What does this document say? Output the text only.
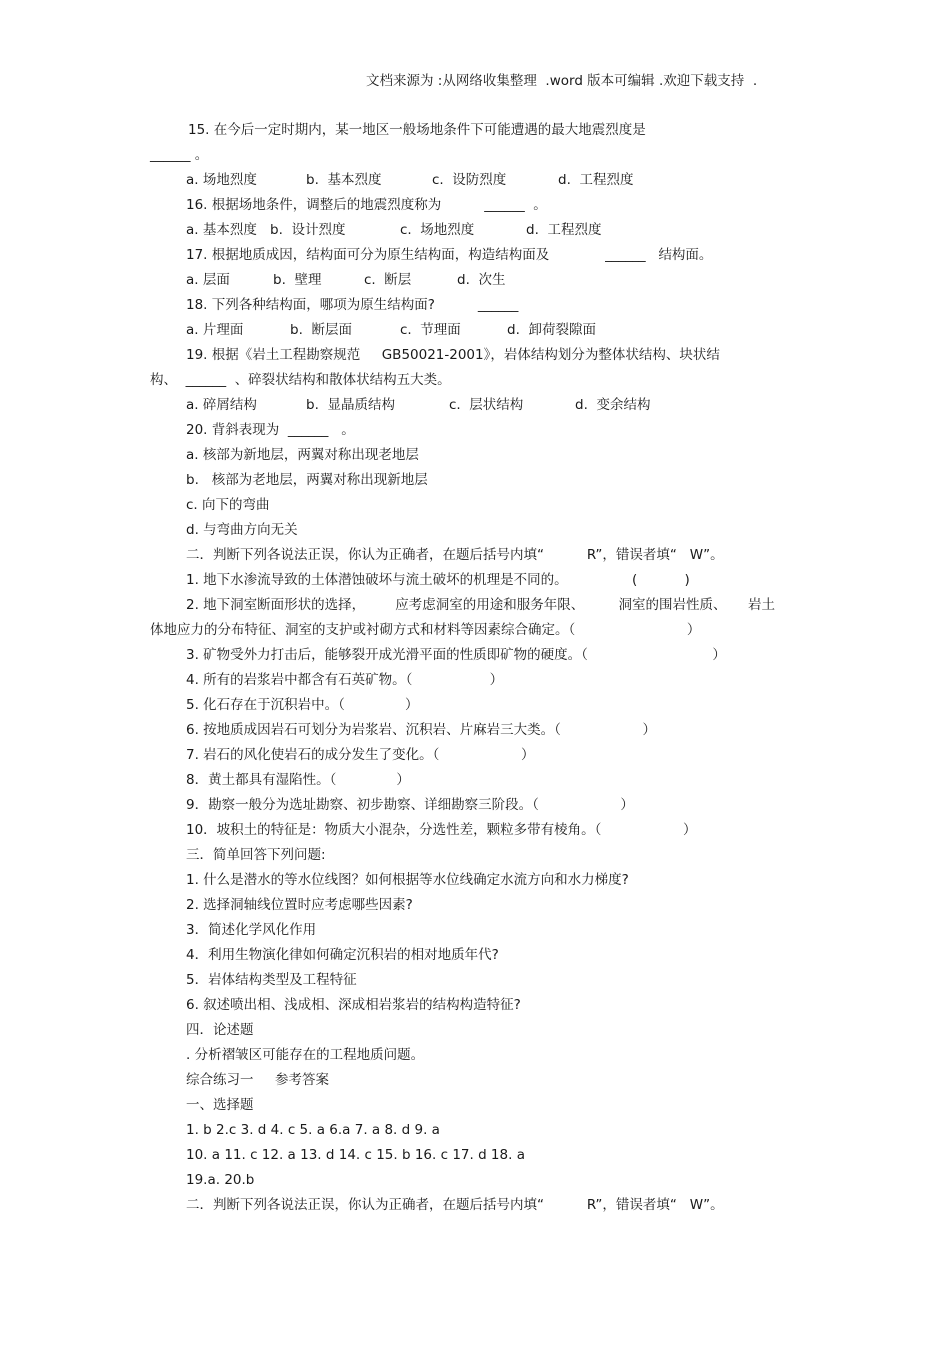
文档来源为 :从网络收集整理  .word 版本可编辑 .欢迎下载支持  .
15. 在今后一定时期内，某一地区一般场地条件下可能遭遇的最大地震烈度是
______ 。
a. 场地烈度	b.  基本烈度	c.  设防烈度	d.  工程烈度
16. 根据场地条件，调整后的地震烈度称为	______ 。
a. 基本烈度 b.  设计烈度	c.  场地烈度	d.  工程烈度
17. 根据地质成因，结构面可分为原生结构面，构造结构面及	______ 结构面。
a. 层面	b.  壁理	c.  断层	d.  次生
18. 下列各种结构面，哪项为原生结构面?	______
a. 片理面	b.  断层面	c.  节理面	d.  卸荷裂隙面
19. 根据《岩土工程勘察规范     GB50021-2001》，岩体结构划分为整体状结构、块状结
构、 ______ 、碎裂状结构和散体状结构五大类。
a. 碎屑结构	b.  显晶质结构	c.  层状结构	d.  变余结构
20. 背斜表现为 ______ 。
a. 核部为新地层，两翼对称出现老地层
b.   核部为老地层，两翼对称出现新地层
c. 向下的弯曲
d. 与弯曲方向无关
二．判断下列各说法正误，你认为正确者，在题后括号内填“          R”，错误者填“   W”。
1. 地下水渗流导致的土体潜蚀破坏与流土破坏的机理是不同的。               (           )
2. 地下洞室断面形状的选择，       应考虑洞室的用途和服务年限、        洞室的围岩性质、     岩土
体地应力的分布特征、洞室的支护或衬砌方式和材料等因素综合确定。（                          ）
3. 矿物受外力打击后，能够裂开成光滑平面的性质即矿物的硬度。（                             ）
4. 所有的岩浆岩中都含有石英矿物。（                  ）
5. 化石存在于沉积岩中。（              ）
6. 按地质成因岩石可划分为岩浆岩、沉积岩、片麻岩三大类。（                   ）
7. 岩石的风化使岩石的成分发生了变化。（                   ）
8．黄土都具有湿陷性。（              ）
9．勘察一般分为选址勘察、初步勘察、详细勘察三阶段。（                   ）
10．坡积土的特征是：物质大小混杂，分选性差，颗粒多带有棱角。（                   ）
三．简单回答下列问题:
1. 什么是潜水的等水位线图？如何根据等水位线确定水流方向和水力梯度?
2. 选择洞轴线位置时应考虑哪些因素?
3．简述化学风化作用
4．利用生物演化律如何确定沉积岩的相对地质年代?
5．岩体结构类型及工程特征
6. 叙述喷出相、浅成相、深成相岩浆岩的结构构造特征?
四．论述题
. 分析褶皱区可能存在的工程地质问题。
综合练习一     参考答案
一、选择题
1. b 2.c 3. d 4. c 5. a 6.a 7. a 8. d 9. a
10. a 11. c 12. a 13. d 14. c 15. b 16. c 17. d 18. a
19.a. 20.b
二．判断下列各说法正误，你认为正确者，在题后括号内填“          R”，错误者填“   W”。
